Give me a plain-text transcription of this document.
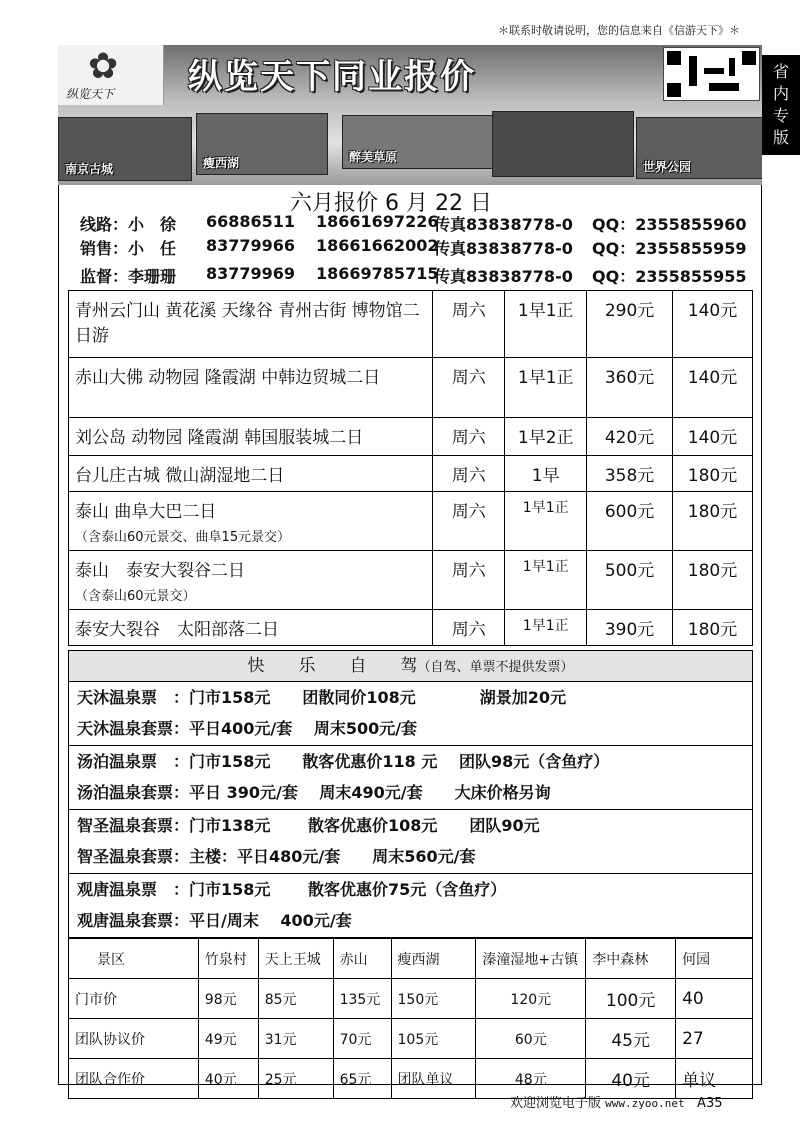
＊联系时敬请说明，您的信息来自《信游天下》＊
✿
纵览天下 纵览天下同业报价
南京古城	瘦西湖	醉美草原
世界公园
省
内
专
版
六月报价 6 月 22 日
线路：小　徐 66886511 18661697226
传真83838778-0 QQ：2355855960
销售：小　任 83779966 18661662002
传真83838778-0 QQ：2355855959
监督：李珊珊 83779969 18669785715
传真83838778-0 QQ：2355855955
青州云门山 黄花溪 天缘谷 青州古街 博物馆二日游	周六	1早1正	290元	140元
赤山大佛 动物园 隆霞湖 中韩边贸城二日	周六	1早1正	360元	140元
刘公岛 动物园 隆霞湖 韩国服装城二日	周六	1早2正	420元	140元
台儿庄古城 微山湖湿地二日	周六	1早	358元	180元
泰山 曲阜大巴二日
（含泰山60元景交、曲阜15元景交）	周六	1早1正	600元	180元
泰山　泰安大裂谷二日
（含泰山60元景交）	周六	1早1正	500元	180元
泰安大裂谷　太阳部落二日	周六	1早1正	390元	180元
快　　乐　　自　　驾（自驾、单票不提供发票）
天沐温泉票　：门市158元　　团散同价108元　　　　湖景加20元
天沐温泉套票：平日400元/套　 周末500元/套
汤泊温泉票　：门市158元　　散客优惠价118 元　 团队98元（含鱼疗）
汤泊温泉套票：平日 390元/套　 周末490元/套　　大床价格另询
智圣温泉套票：门市138元　　 散客优惠价108元　　团队90元
智圣温泉套票：主楼：平日480元/套　　周末560元/套
观唐温泉票　：门市158元　　 散客优惠价75元（含鱼疗）
观唐温泉套票：平日/周末　 400元/套
景区	竹泉村	天上王城	赤山	瘦西湖	溱潼湿地+古镇	李中森林	何园
门市价	98元	85元	135元	150元	120元	100元	40
团队协议价	49元	31元	70元	105元	60元	45元	27
团队合作价	40元	25元	65元	团队单议	48元	40元	单议
欢迎浏览电子版 www.zyoo.net A35
